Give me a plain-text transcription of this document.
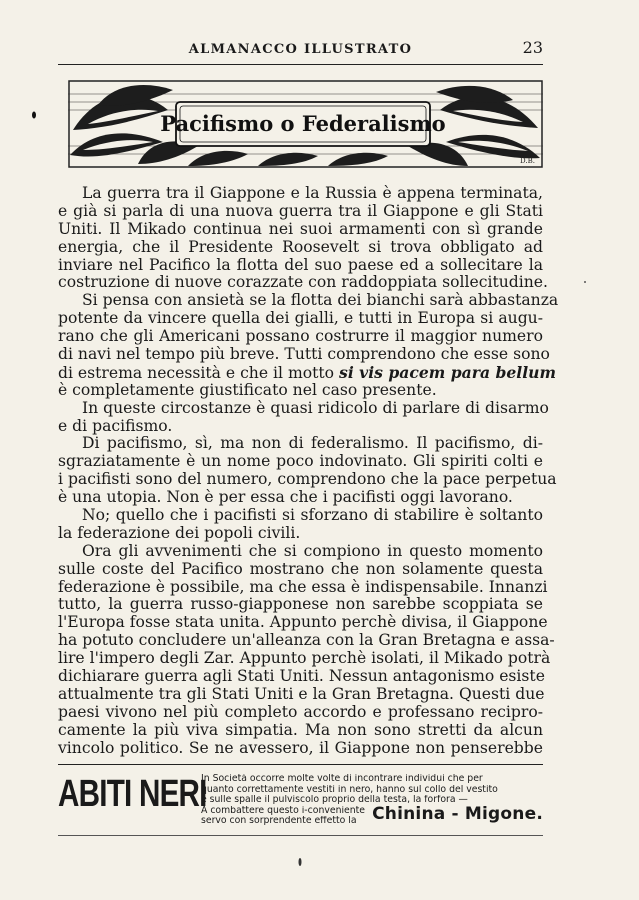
ALMANACCO ILLUSTRATO	23
Pacifismo o Federalismo
D.B.
La guerra tra il Giappone e la Russia è appena terminata,
e già si parla di una nuova guerra tra il Giappone e gli Stati
Uniti. Il Mikado continua nei suoi armamenti con sì grande
energia, che il Presidente Roosevelt si trova obbligato ad
inviare nel Pacifico la flotta del suo paese ed a sollecitare la
costruzione di nuove corazzate con raddoppiata sollecitudine.
Si pensa con ansietà se la flotta dei bianchi sarà abbastanza
potente da vincere quella dei gialli, e tutti in Europa si augu-
rano che gli Americani possano costrurre il maggior numero
di navi nel tempo più breve. Tutti comprendono che esse sono
di estrema necessità e che il motto si vis pacem para bellum
è completamente giustificato nel caso presente.
In queste circostanze è quasi ridicolo di parlare di disarmo
e di pacifismo.
Di pacifismo, sì, ma non di federalismo. Il pacifismo, di-
sgraziatamente è un nome poco indovinato. Gli spiriti colti e
i pacifisti sono del numero, comprendono che la pace perpetua
è una utopia. Non è per essa che i pacifisti oggi lavorano.
No; quello che i pacifisti si sforzano di stabilire è soltanto
la federazione dei popoli civili.
Ora gli avvenimenti che si compiono in questo momento
sulle coste del Pacifico mostrano che non solamente questa
federazione è possibile, ma che essa è indispensabile. Innanzi
tutto, la guerra russo-giapponese non sarebbe scoppiata se
l'Europa fosse stata unita. Appunto perchè divisa, il Giappone
ha potuto concludere un'alleanza con la Gran Bretagna e assa-
lire l'impero degli Zar. Appunto perchè isolati, il Mikado potrà
dichiarare guerra agli Stati Uniti. Nessun antagonismo esiste
attualmente tra gli Stati Uniti e la Gran Bretagna. Questi due
paesi vivono nel più completo accordo e professano recipro-
camente la più viva simpatia. Ma non sono stretti da alcun
vincolo politico. Se ne avessero, il Giappone non penserebbe
ABITI NERI
In Società occorre molte volte di incontrare individui che per
quanto correttamente vestiti in nero, hanno sul collo del vestito
e sulle spalle il pulviscolo proprio della testa, la forfora —
A combattere questo i-conveniente
servo con sorprendente effetto la Chinina - Migone.
